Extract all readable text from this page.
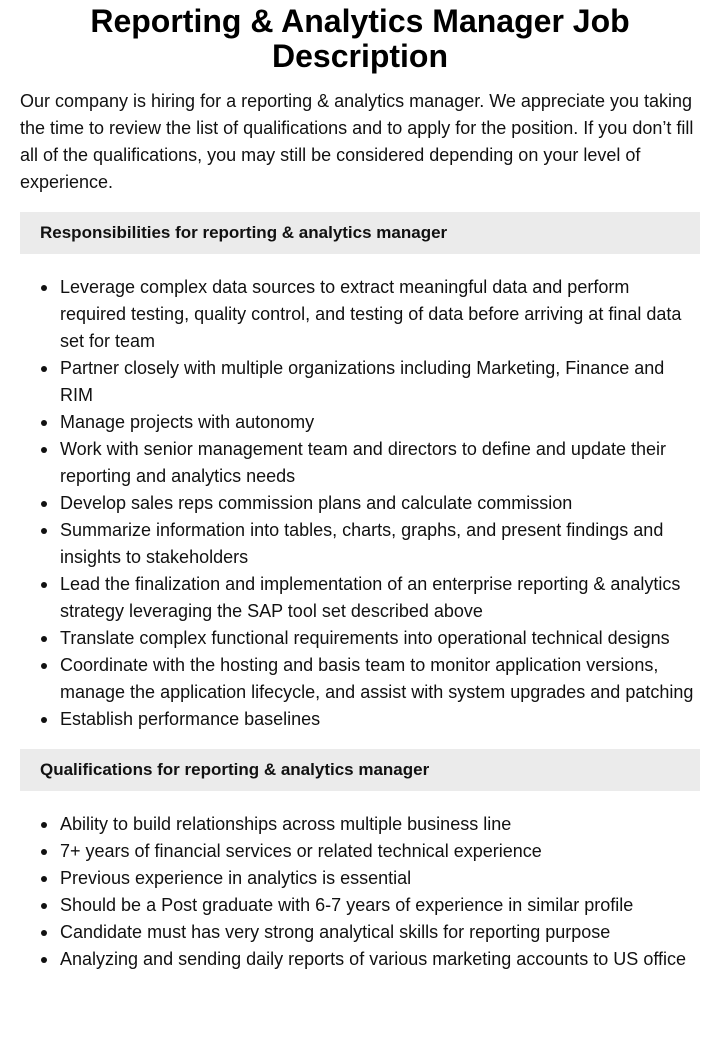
Reporting & Analytics Manager Job Description

Our company is hiring for a reporting & analytics manager. We appreciate you taking the time to review the list of qualifications and to apply for the position. If you don’t fill all of the qualifications, you may still be considered depending on your level of experience.

Responsibilities for reporting & analytics manager
Leverage complex data sources to extract meaningful data and perform required testing, quality control, and testing of data before arriving at final data set for team
Partner closely with multiple organizations including Marketing, Finance and RIM
Manage projects with autonomy
Work with senior management team and directors to define and update their reporting and analytics needs
Develop sales reps commission plans and calculate commission
Summarize information into tables, charts, graphs, and present findings and insights to stakeholders
Lead the finalization and implementation of an enterprise reporting & analytics strategy leveraging the SAP tool set described above
Translate complex functional requirements into operational technical designs
Coordinate with the hosting and basis team to monitor application versions, manage the application lifecycle, and assist with system upgrades and patching
Establish performance baselines
Qualifications for reporting & analytics manager
Ability to build relationships across multiple business line
7+ years of financial services or related technical experience
Previous experience in analytics is essential
Should be a Post graduate with 6-7 years of experience in similar profile
Candidate must has very strong analytical skills for reporting purpose
Analyzing and sending daily reports of various marketing accounts to US office
